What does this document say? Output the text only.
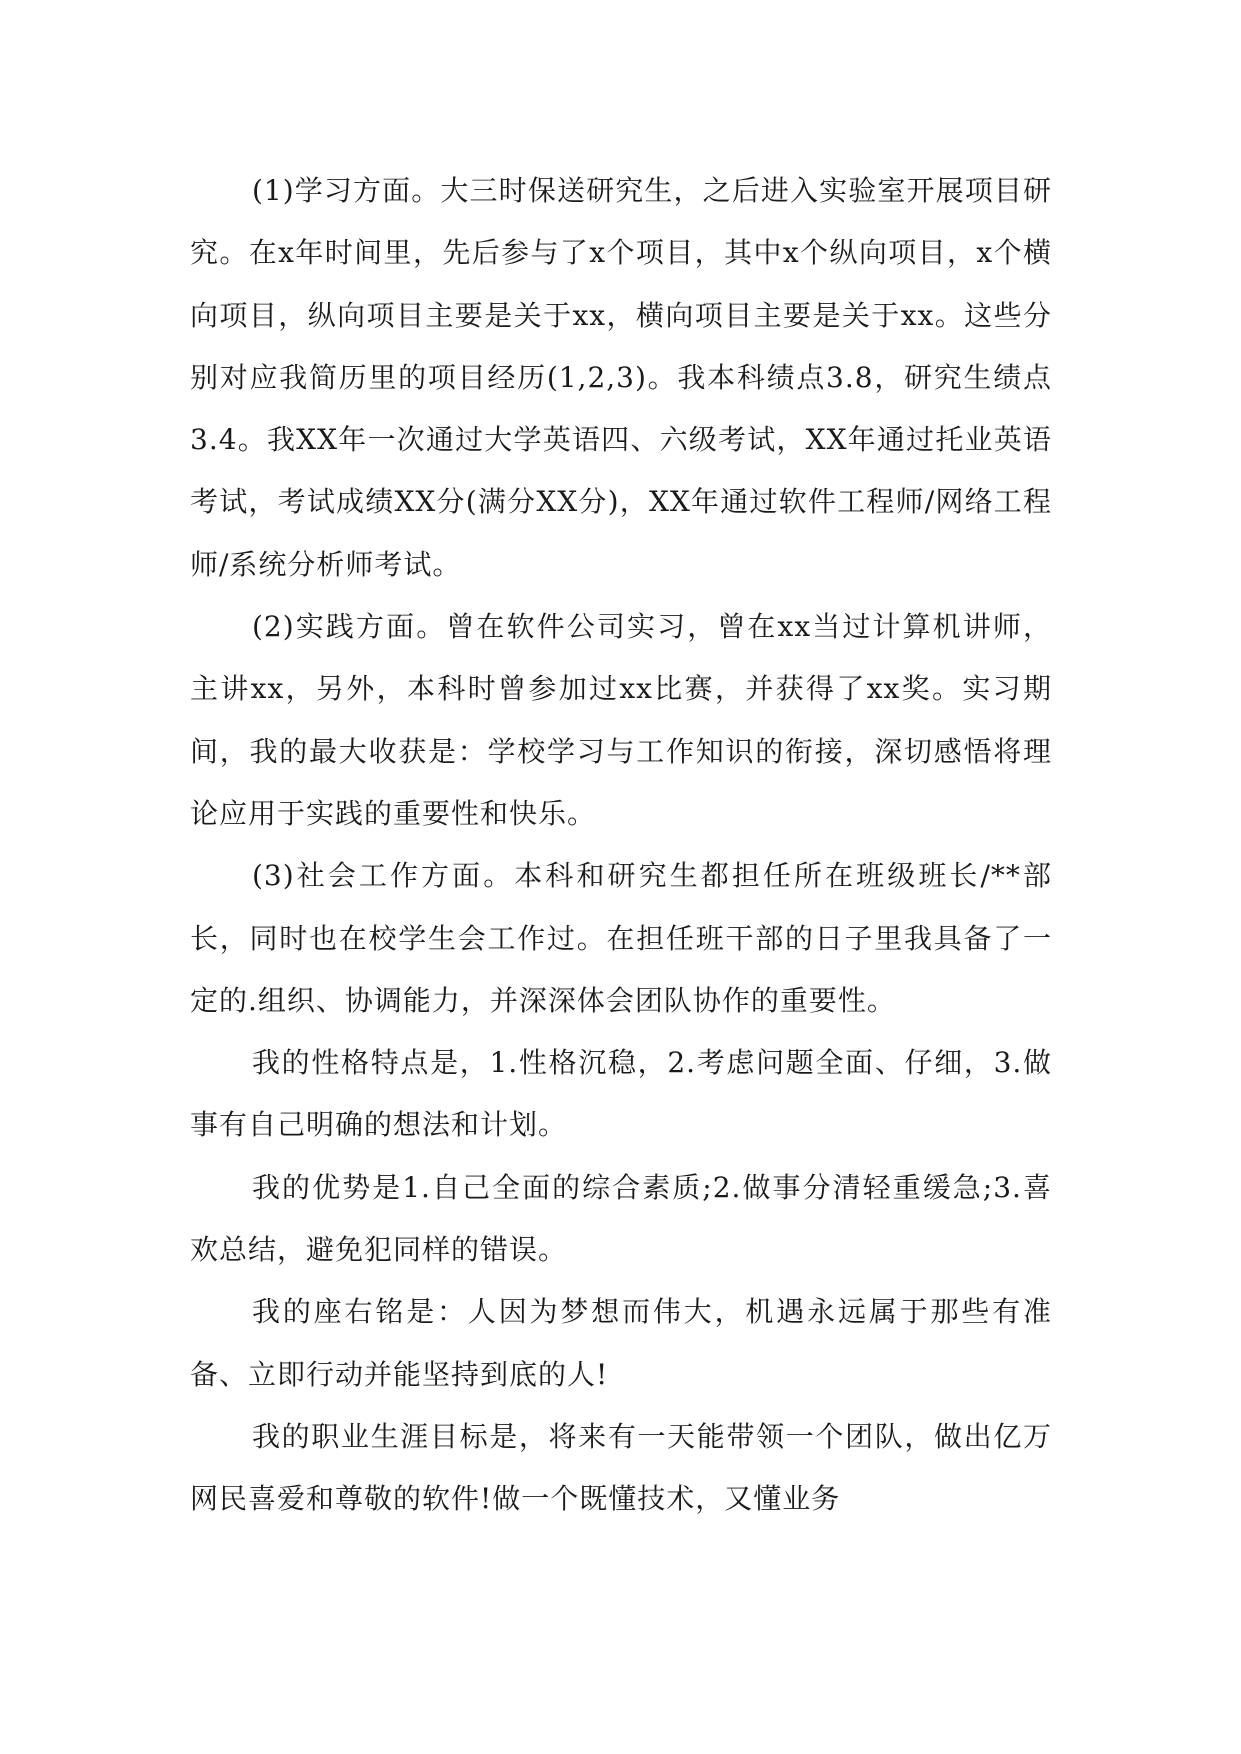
(1)学习方面。大三时保送研究生，之后进入实验室开展项目研究。在x年时间里，先后参与了x个项目，其中x个纵向项目，x个横向项目，纵向项目主要是关于xx，横向项目主要是关于xx。这些分别对应我简历里的项目经历(1,2,3)。我本科绩点3.8，研究生绩点3.4。我XX年一次通过大学英语四、六级考试，XX年通过托业英语考试，考试成绩XX分(满分XX分)，XX年通过软件工程师/网络工程师/系统分析师考试。

(2)实践方面。曾在软件公司实习，曾在xx当过计算机讲师，主讲xx，另外，本科时曾参加过xx比赛，并获得了xx奖。实习期间，我的最大收获是：学校学习与工作知识的衔接，深切感悟将理论应用于实践的重要性和快乐。

(3)社会工作方面。本科和研究生都担任所在班级班长/**部长，同时也在校学生会工作过。在担任班干部的日子里我具备了一定的.组织、协调能力，并深深体会团队协作的重要性。

我的性格特点是，1.性格沉稳，2.考虑问题全面、仔细，3.做事有自己明确的想法和计划。

我的优势是1.自己全面的综合素质;2.做事分清轻重缓急;3.喜欢总结，避免犯同样的错误。

我的座右铭是：人因为梦想而伟大，机遇永远属于那些有准备、立即行动并能坚持到底的人!

我的职业生涯目标是，将来有一天能带领一个团队，做出亿万网民喜爱和尊敬的软件!做一个既懂技术，又懂业务
